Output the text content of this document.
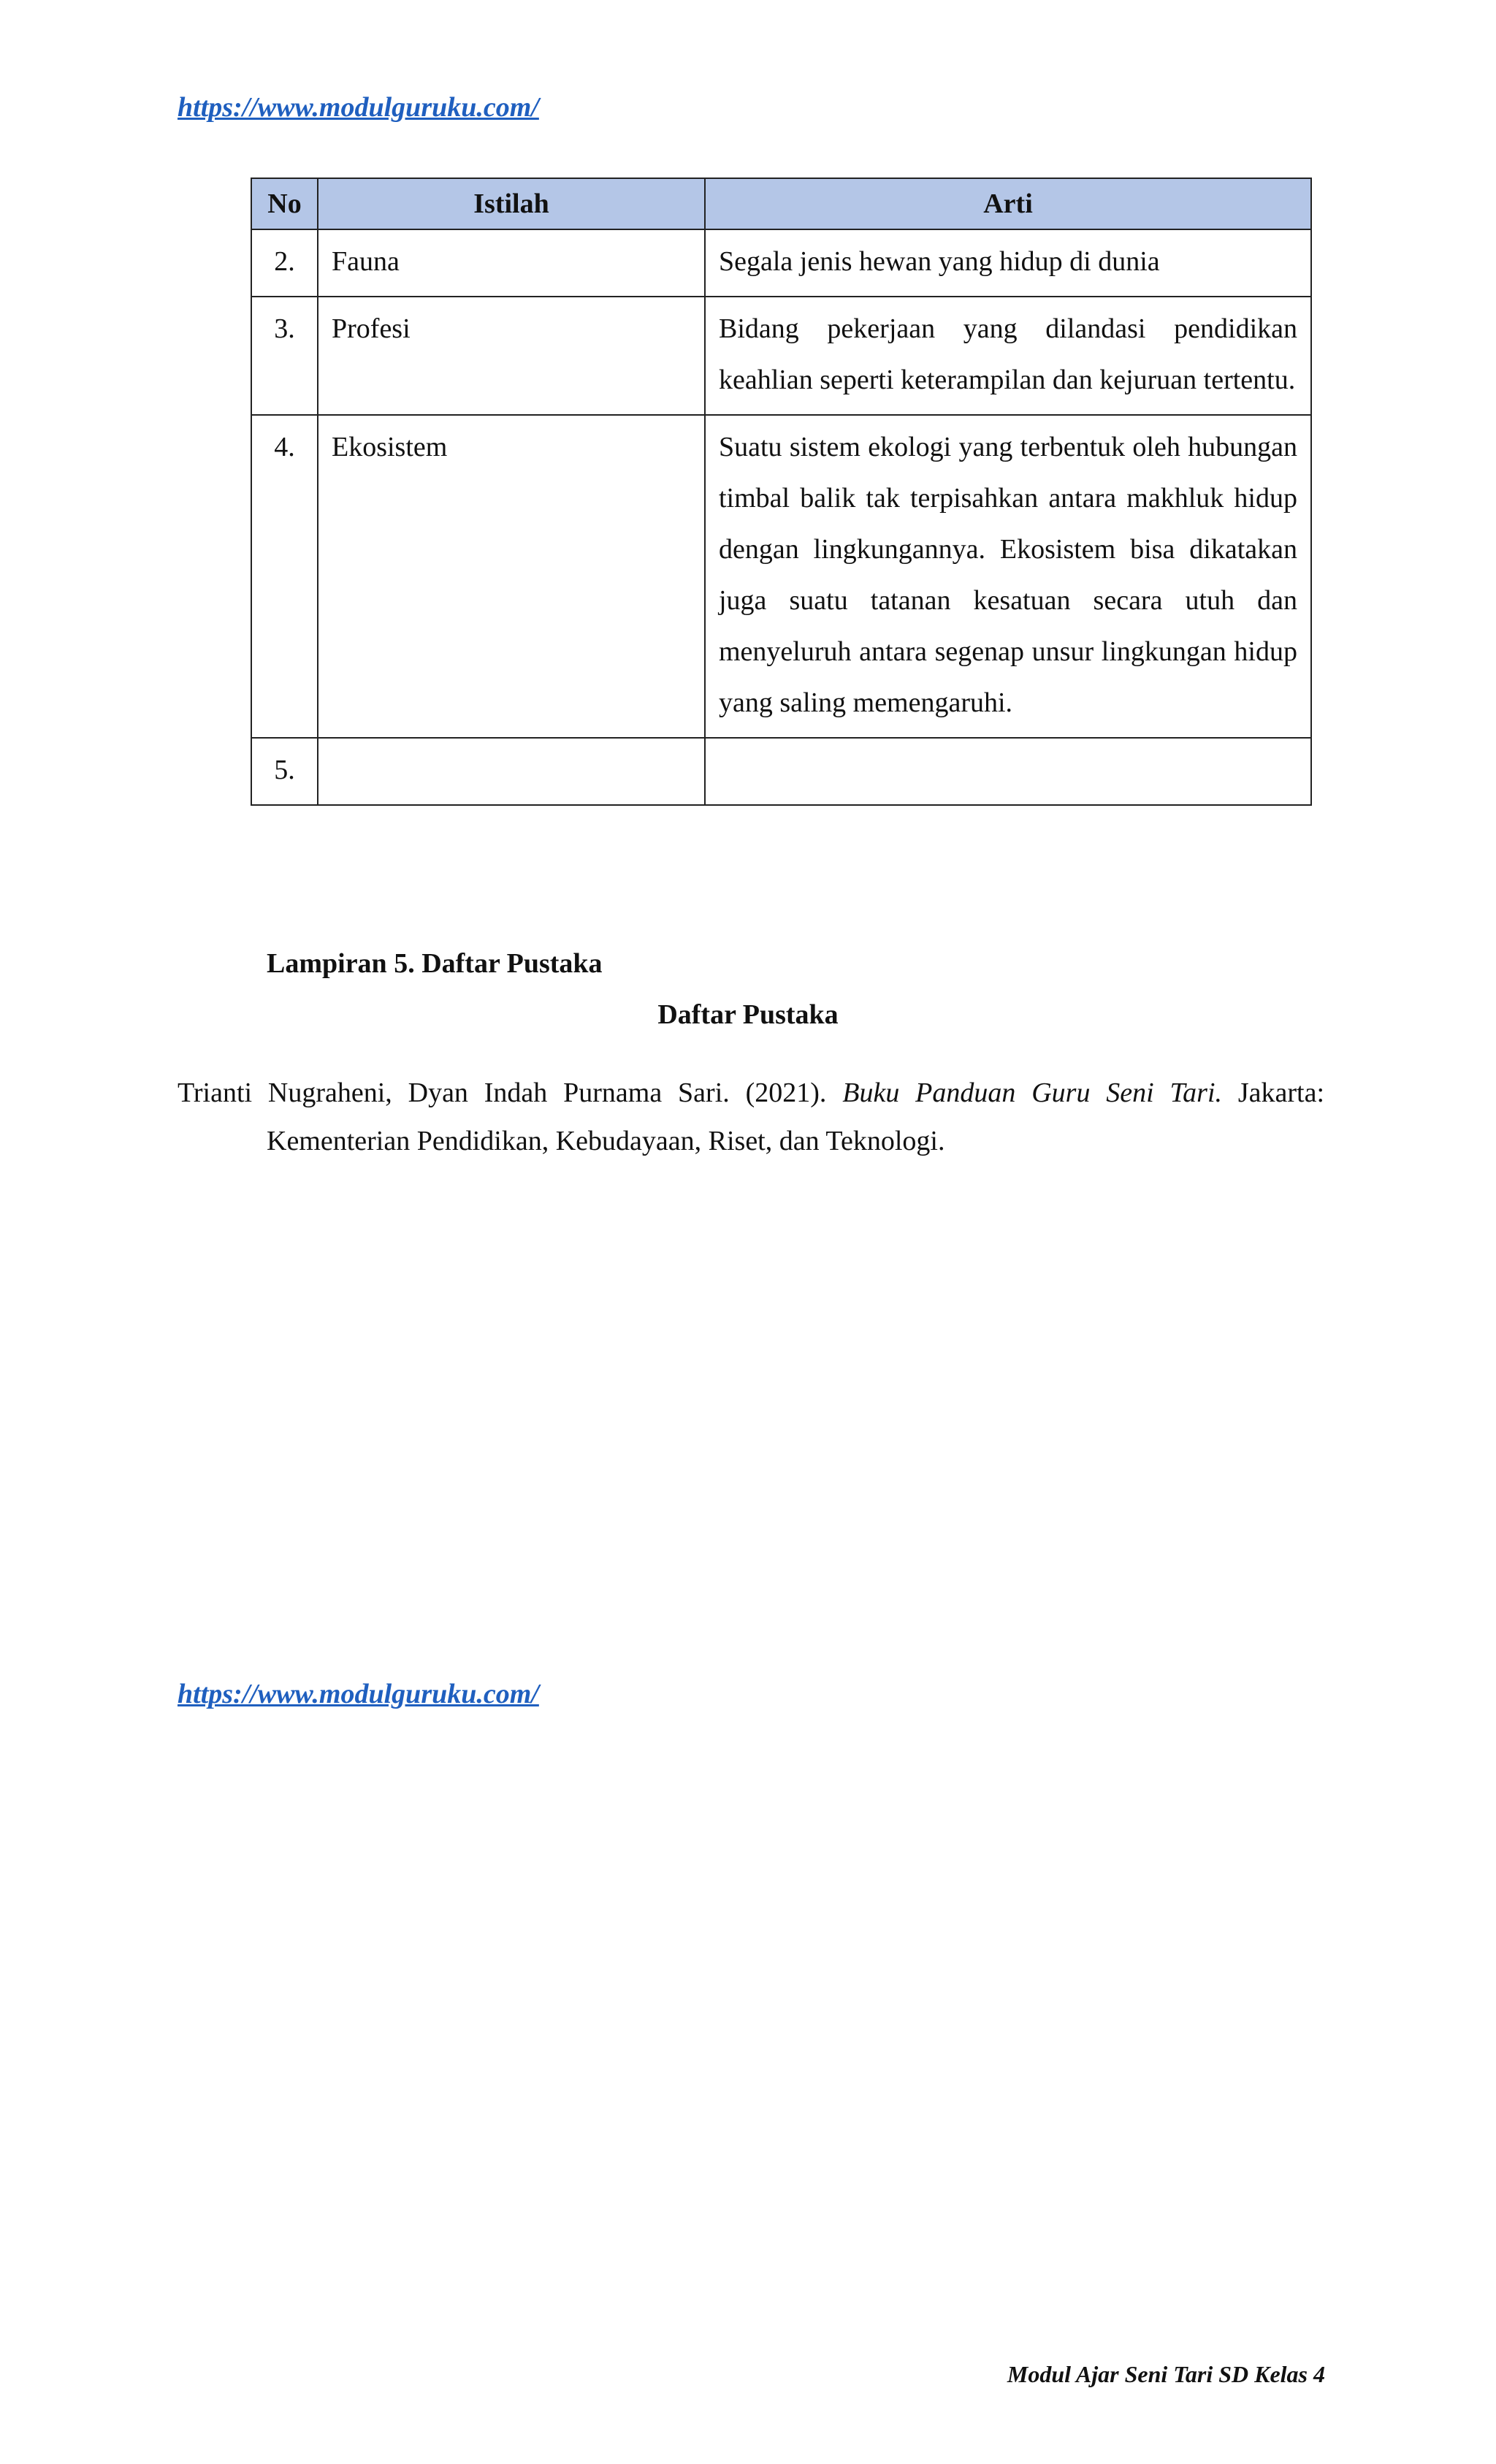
https://www.modulguruku.com/
No	Istilah	Arti
2.	Fauna	Segala jenis hewan yang hidup di dunia
3.	Profesi	Bidang pekerjaan yang dilandasi pendidikan keahlian seperti keterampilan dan kejuruan tertentu.
4.	Ekosistem	Suatu sistem ekologi yang terbentuk oleh hubungan timbal balik tak terpisahkan antara makhluk hidup dengan lingkungannya. Ekosistem bisa dikatakan juga suatu tatanan kesatuan secara utuh dan menyeluruh antara segenap unsur lingkungan hidup yang saling memengaruhi.
5.		
Lampiran 5. Daftar Pustaka
Daftar Pustaka

Trianti Nugraheni, Dyan Indah Purnama Sari. (2021). Buku Panduan Guru Seni Tari. Jakarta: Kementerian Pendidikan, Kebudayaan, Riset, dan Teknologi.

https://www.modulguruku.com/
Modul Ajar Seni Tari SD Kelas 4
